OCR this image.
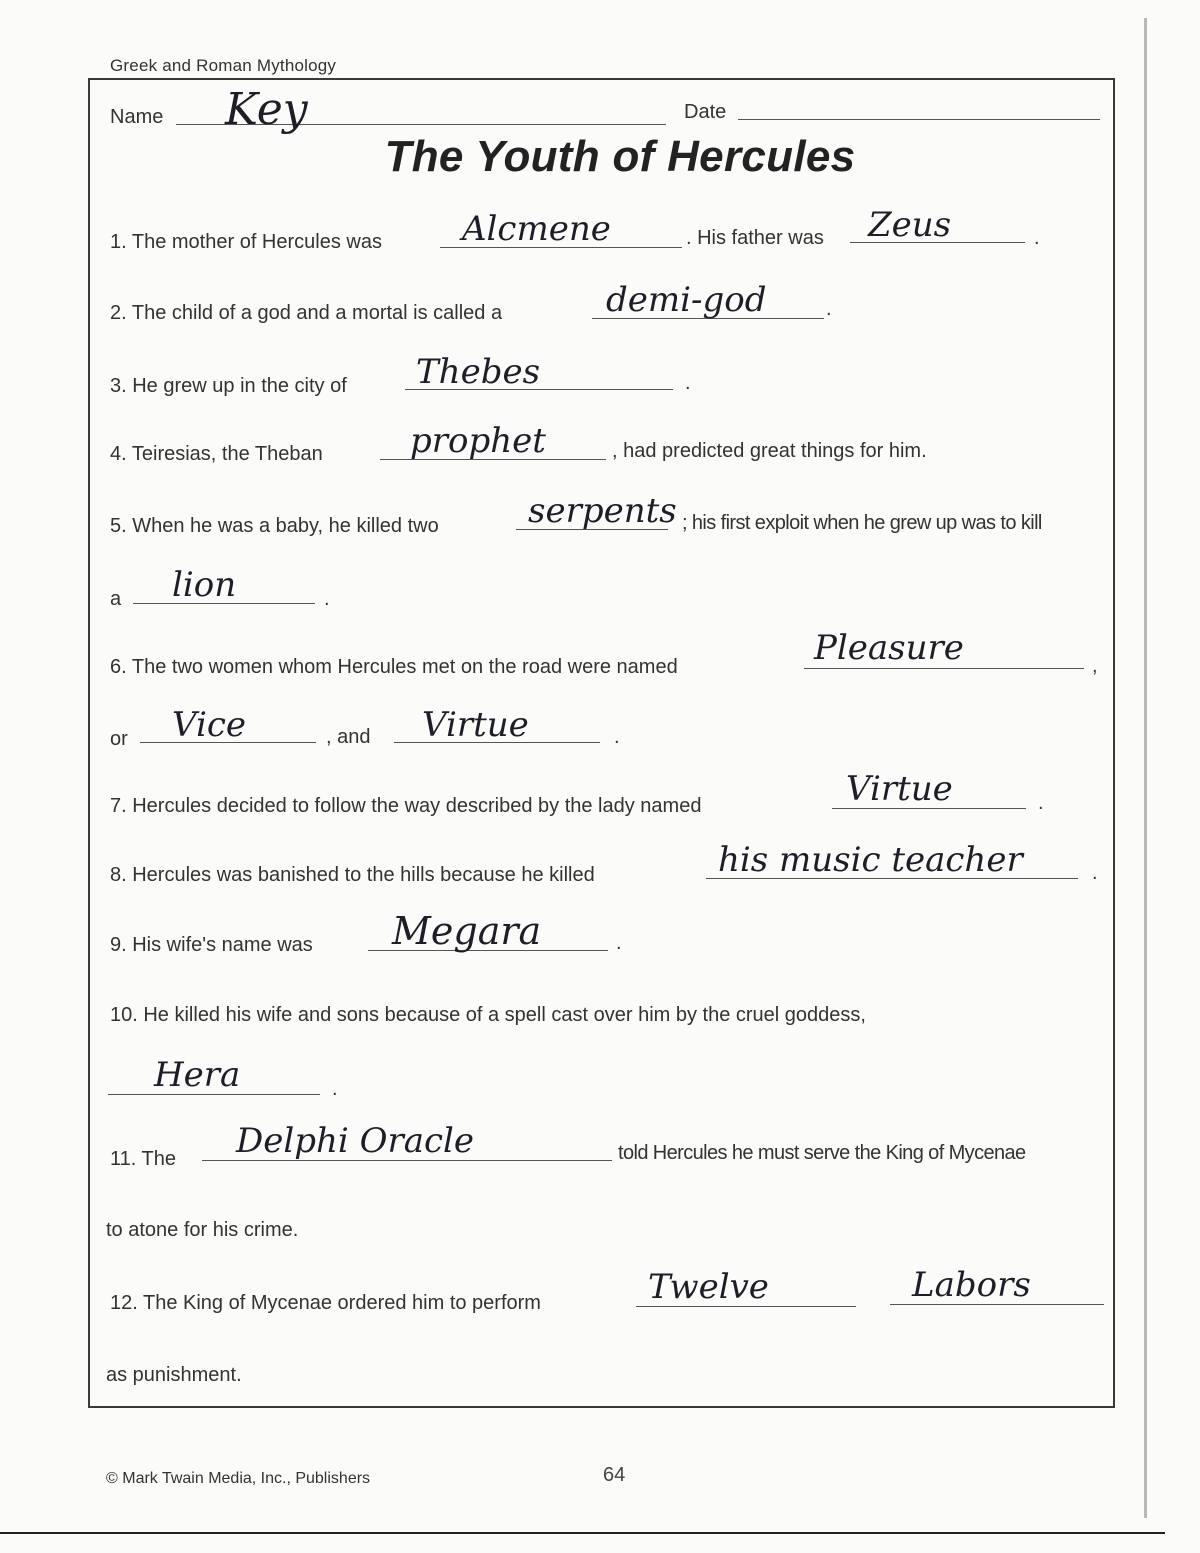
Greek and Roman Mythology
Name Key	Date
The Youth of Hercules
1. The mother of Hercules was Alcmene	. His father was Zeus	.
2. The child of a god and a mortal is called a	demi-god	.
3. He grew up in the city of Thebes	.
4. Teiresias, the Theban	prophet	, had predicted great things for him.
5. When he was a baby, he killed two	serpents ; his first exploit when he grew up was to kill
a lion	.
6. The two women whom Hercules met on the road were named	Pleasure	,
or Vice	, and Virtue	.
7. Hercules decided to follow the way described by the lady named	Virtue	.
8. Hercules was banished to the hills because he killed	his music teacher	.
9. His wife's name was Megara	.
10. He killed his wife and sons because of a spell cast over him by the cruel goddess,
Hera	.
11. The Delphi Oracle	told Hercules he must serve the King of Mycenae
to atone for his crime.
12. The King of Mycenae ordered him to perform	Twelve	Labors
as punishment.
© Mark Twain Media, Inc., Publishers	64
